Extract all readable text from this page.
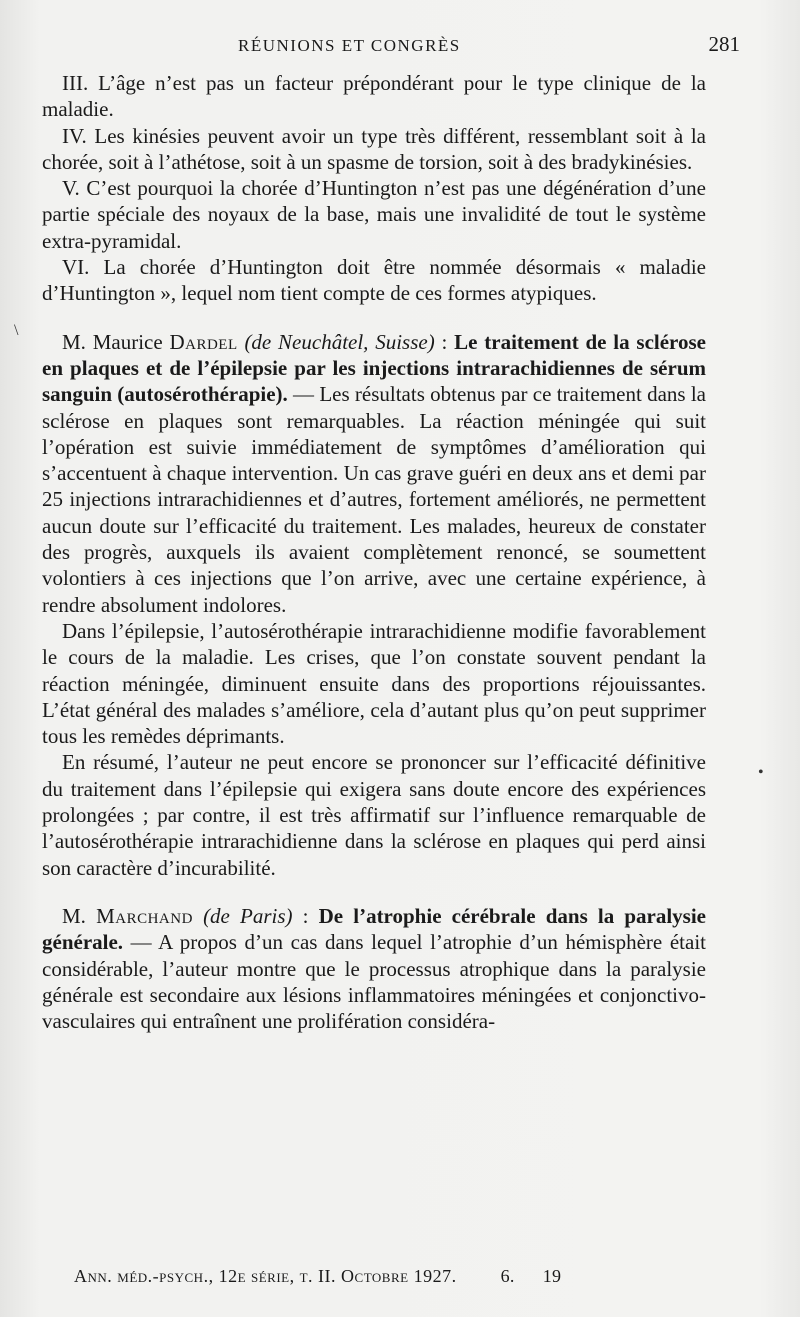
RÉUNIONS ET CONGRÈS	281

III. L’âge n’est pas un facteur prépondérant pour le type clinique de la maladie.

IV. Les kinésies peuvent avoir un type très différent, ressemblant soit à la chorée, soit à l’athétose, soit à un spasme de torsion, soit à des bradykinésies.

V. C’est pourquoi la chorée d’Huntington n’est pas une dégénération d’une partie spéciale des noyaux de la base, mais une invalidité de tout le système extra-pyramidal.

VI. La chorée d’Huntington doit être nommée désormais « maladie d’Huntington », lequel nom tient compte de ces formes atypiques.

M. Maurice Dardel (de Neuchâtel, Suisse) : Le traitement de la sclérose en plaques et de l’épilepsie par les injections intrarachidiennes de sérum sanguin (autosérothérapie). — Les résultats obtenus par ce traitement dans la sclérose en plaques sont remarquables. La réaction méningée qui suit l’opération est suivie immédiatement de symptômes d’amélioration qui s’accentuent à chaque intervention. Un cas grave guéri en deux ans et demi par 25 injections intrarachidiennes et d’autres, fortement améliorés, ne permettent aucun doute sur l’efficacité du traitement. Les malades, heureux de constater des progrès, auxquels ils avaient complètement renoncé, se soumettent volontiers à ces injections que l’on arrive, avec une certaine expérience, à rendre absolument indolores.

Dans l’épilepsie, l’autosérothérapie intrarachidienne modifie favorablement le cours de la maladie. Les crises, que l’on constate souvent pendant la réaction méningée, diminuent ensuite dans des proportions réjouissantes. L’état général des malades s’améliore, cela d’autant plus qu’on peut supprimer tous les remèdes déprimants.

En résumé, l’auteur ne peut encore se prononcer sur l’efficacité définitive du traitement dans l’épilepsie qui exigera sans doute encore des expériences prolongées ; par contre, il est très affirmatif sur l’influence remarquable de l’autosérothérapie intrarachidienne dans la sclérose en plaques qui perd ainsi son caractère d’incurabilité.

M. Marchand (de Paris) : De l’atrophie cérébrale dans la paralysie générale. — A propos d’un cas dans lequel l’atrophie d’un hémisphère était considérable, l’auteur montre que le processus atrophique dans la paralysie générale est secondaire aux lésions inflammatoires méningées et conjonctivo-vasculaires qui entraînent une prolifération considéra-

Ann. méd.-psych., 12e série, t. II. Octobre 1927. 6. 19
\
•
